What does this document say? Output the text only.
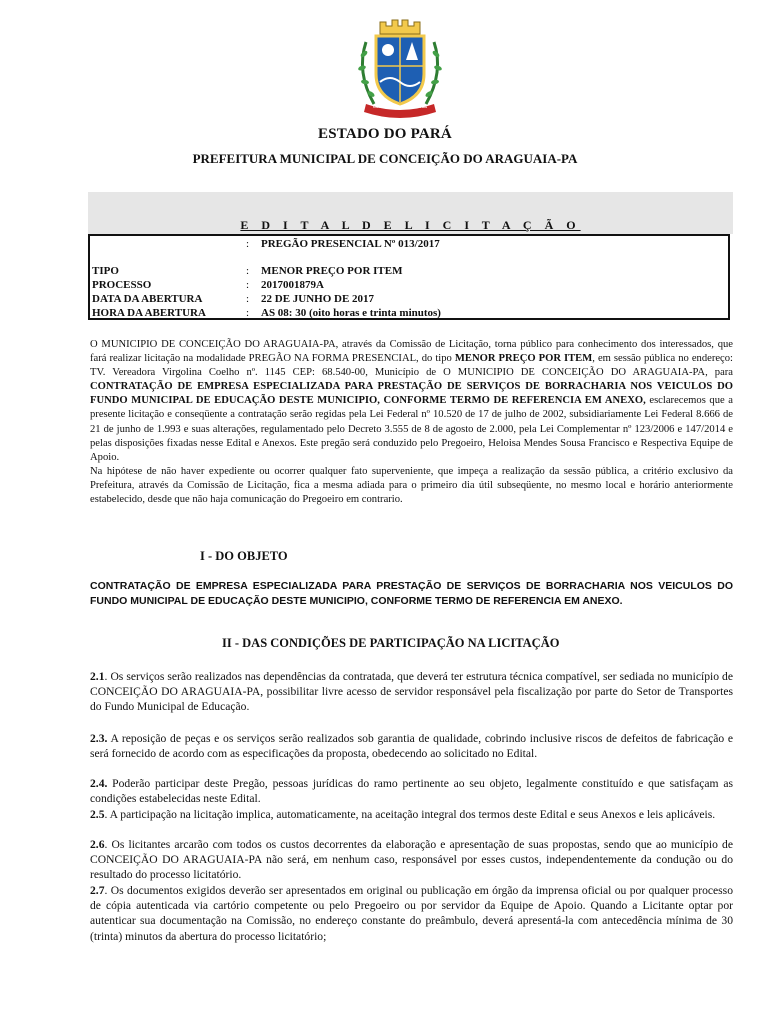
CONCEIÇÃO DO ARAGUAIA
ESTADO DO PARÁ
PREFEITURA MUNICIPAL DE CONCEIÇÃO DO ARAGUAIA-PA
E D I T A L D E L I C I T A Ç Ã O
: PREGÃO PRESENCIAL Nº 013/2017
TIPO	: MENOR PREÇO POR ITEM
PROCESSO	: 2017001879A
DATA DA ABERTURA	: 22 DE JUNHO DE 2017
HORA DA ABERTURA	: AS 08: 30 (oito horas e trinta minutos)
O MUNICIPIO DE CONCEIÇÃO DO ARAGUAIA-PA, através da Comissão de Licitação, torna público para conhecimento dos interessados, que fará realizar licitação na modalidade PREGÃO NA FORMA PRESENCIAL, do tipo MENOR PREÇO POR ITEM, em sessão pública no endereço: TV. Vereadora Virgolina Coelho nº. 1145 CEP: 68.540-00, Município de O MUNICIPIO DE CONCEIÇÃO DO ARAGUAIA-PA, para CONTRATAÇÃO DE EMPRESA ESPECIALIZADA PARA PRESTAÇÃO DE SERVIÇOS DE BORRACHARIA NOS VEICULOS DO FUNDO MUNICIPAL DE EDUCAÇÃO DESTE MUNICIPIO, CONFORME TERMO DE REFERENCIA EM ANEXO, esclarecemos que a presente licitação e conseqüente a contratação serão regidas pela Lei Federal nº 10.520 de 17 de julho de 2002, subsidiariamente Lei Federal 8.666 de 21 de junho de 1.993 e suas alterações, regulamentado pelo Decreto 3.555 de 8 de agosto de 2.000, pela Lei Complementar nº 123/2006 e 147/2014 e pelas disposições fixadas nesse Edital e Anexos. Este pregão será conduzido pelo Pregoeiro, Heloisa Mendes Sousa Francisco e Respectiva Equipe de Apoio.
Na hipótese de não haver expediente ou ocorrer qualquer fato superveniente, que impeça a realização da sessão pública, a critério exclusivo da Prefeitura, através da Comissão de Licitação, fica a mesma adiada para o primeiro dia útil subseqüente, no mesmo local e horário anteriormente estabelecido, desde que não haja comunicação do Pregoeiro em contrario.
I - DO OBJETO
CONTRATAÇÃO DE EMPRESA ESPECIALIZADA PARA PRESTAÇÃO DE SERVIÇOS DE BORRACHARIA NOS VEICULOS DO FUNDO MUNICIPAL DE EDUCAÇÃO DESTE MUNICIPIO, CONFORME TERMO DE REFERENCIA EM ANEXO.
II - DAS CONDIÇÕES DE PARTICIPAÇÃO NA LICITAÇÃO
2.1. Os serviços serão realizados nas dependências da contratada, que deverá ter estrutura técnica compatível, ser sediada no município de CONCEIÇÃO DO ARAGUAIA-PA, possibilitar livre acesso de servidor responsável pela fiscalização por parte do Setor de Transportes do Fundo Municipal de Educação.
2.3. A reposição de peças e os serviços serão realizados sob garantia de qualidade, cobrindo inclusive riscos de defeitos de fabricação e será fornecido de acordo com as especificações da proposta, obedecendo ao solicitado no Edital.
2.4. Poderão participar deste Pregão, pessoas jurídicas do ramo pertinente ao seu objeto, legalmente constituído e que satisfaçam as condições estabelecidas neste Edital.
2.5. A participação na licitação implica, automaticamente, na aceitação integral dos termos deste Edital e seus Anexos e leis aplicáveis.
2.6. Os licitantes arcarão com todos os custos decorrentes da elaboração e apresentação de suas propostas, sendo que ao município de CONCEIÇÃO DO ARAGUAIA-PA não será, em nenhum caso, responsável por esses custos, independentemente da condução ou do resultado do processo licitatório.
2.7. Os documentos exigidos deverão ser apresentados em original ou publicação em órgão da imprensa oficial ou por qualquer processo de cópia autenticada via cartório competente ou pelo Pregoeiro ou por servidor da Equipe de Apoio. Quando a Licitante optar por autenticar sua documentação na Comissão, no endereço constante do preâmbulo, deverá apresentá-la com antecedência mínima de 30 (trinta) minutos da abertura do processo licitatório;
